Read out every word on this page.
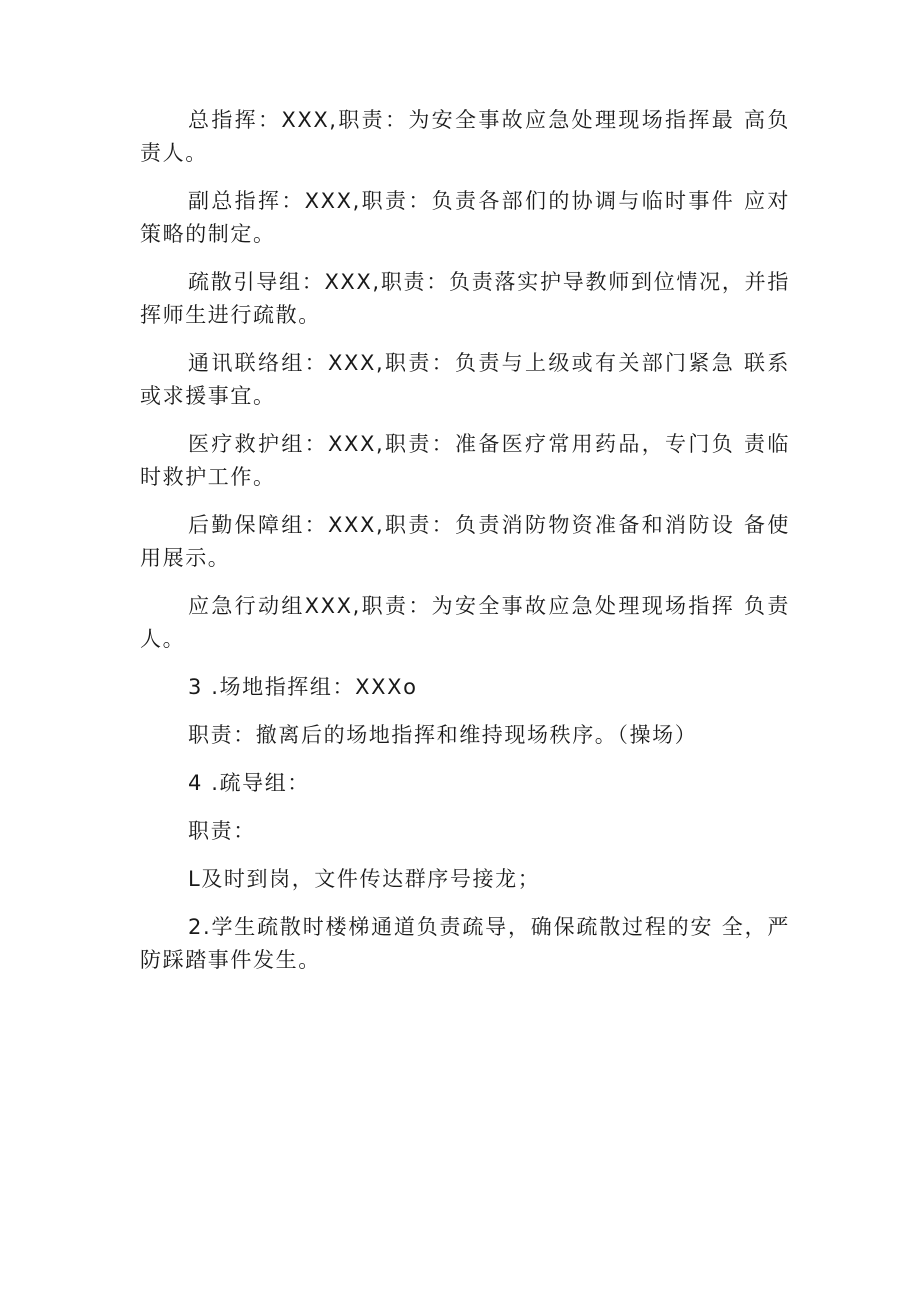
总指挥：XXX,职责：为安全事故应急处理现场指挥最 高负责人。

副总指挥：XXX,职责：负责各部们的协调与临时事件 应对策略的制定。

疏散引导组：XXX,职责：负责落实护导教师到位情况，并指挥师生进行疏散。

通讯联络组：XXX,职责：负责与上级或有关部门紧急 联系或求援事宜。

医疗救护组：XXX,职责：准备医疗常用药品，专门负 责临时救护工作。

后勤保障组：XXX,职责：负责消防物资准备和消防设 备使用展示。

应急行动组XXX,职责：为安全事故应急处理现场指挥 负责人。

3 .场地指挥组：XXXo

职责：撤离后的场地指挥和维持现场秩序。（操场）

4 .疏导组：

职责：

L及时到岗，文件传达群序号接龙；

2.学生疏散时楼梯通道负责疏导，确保疏散过程的安 全，严防踩踏事件发生。
